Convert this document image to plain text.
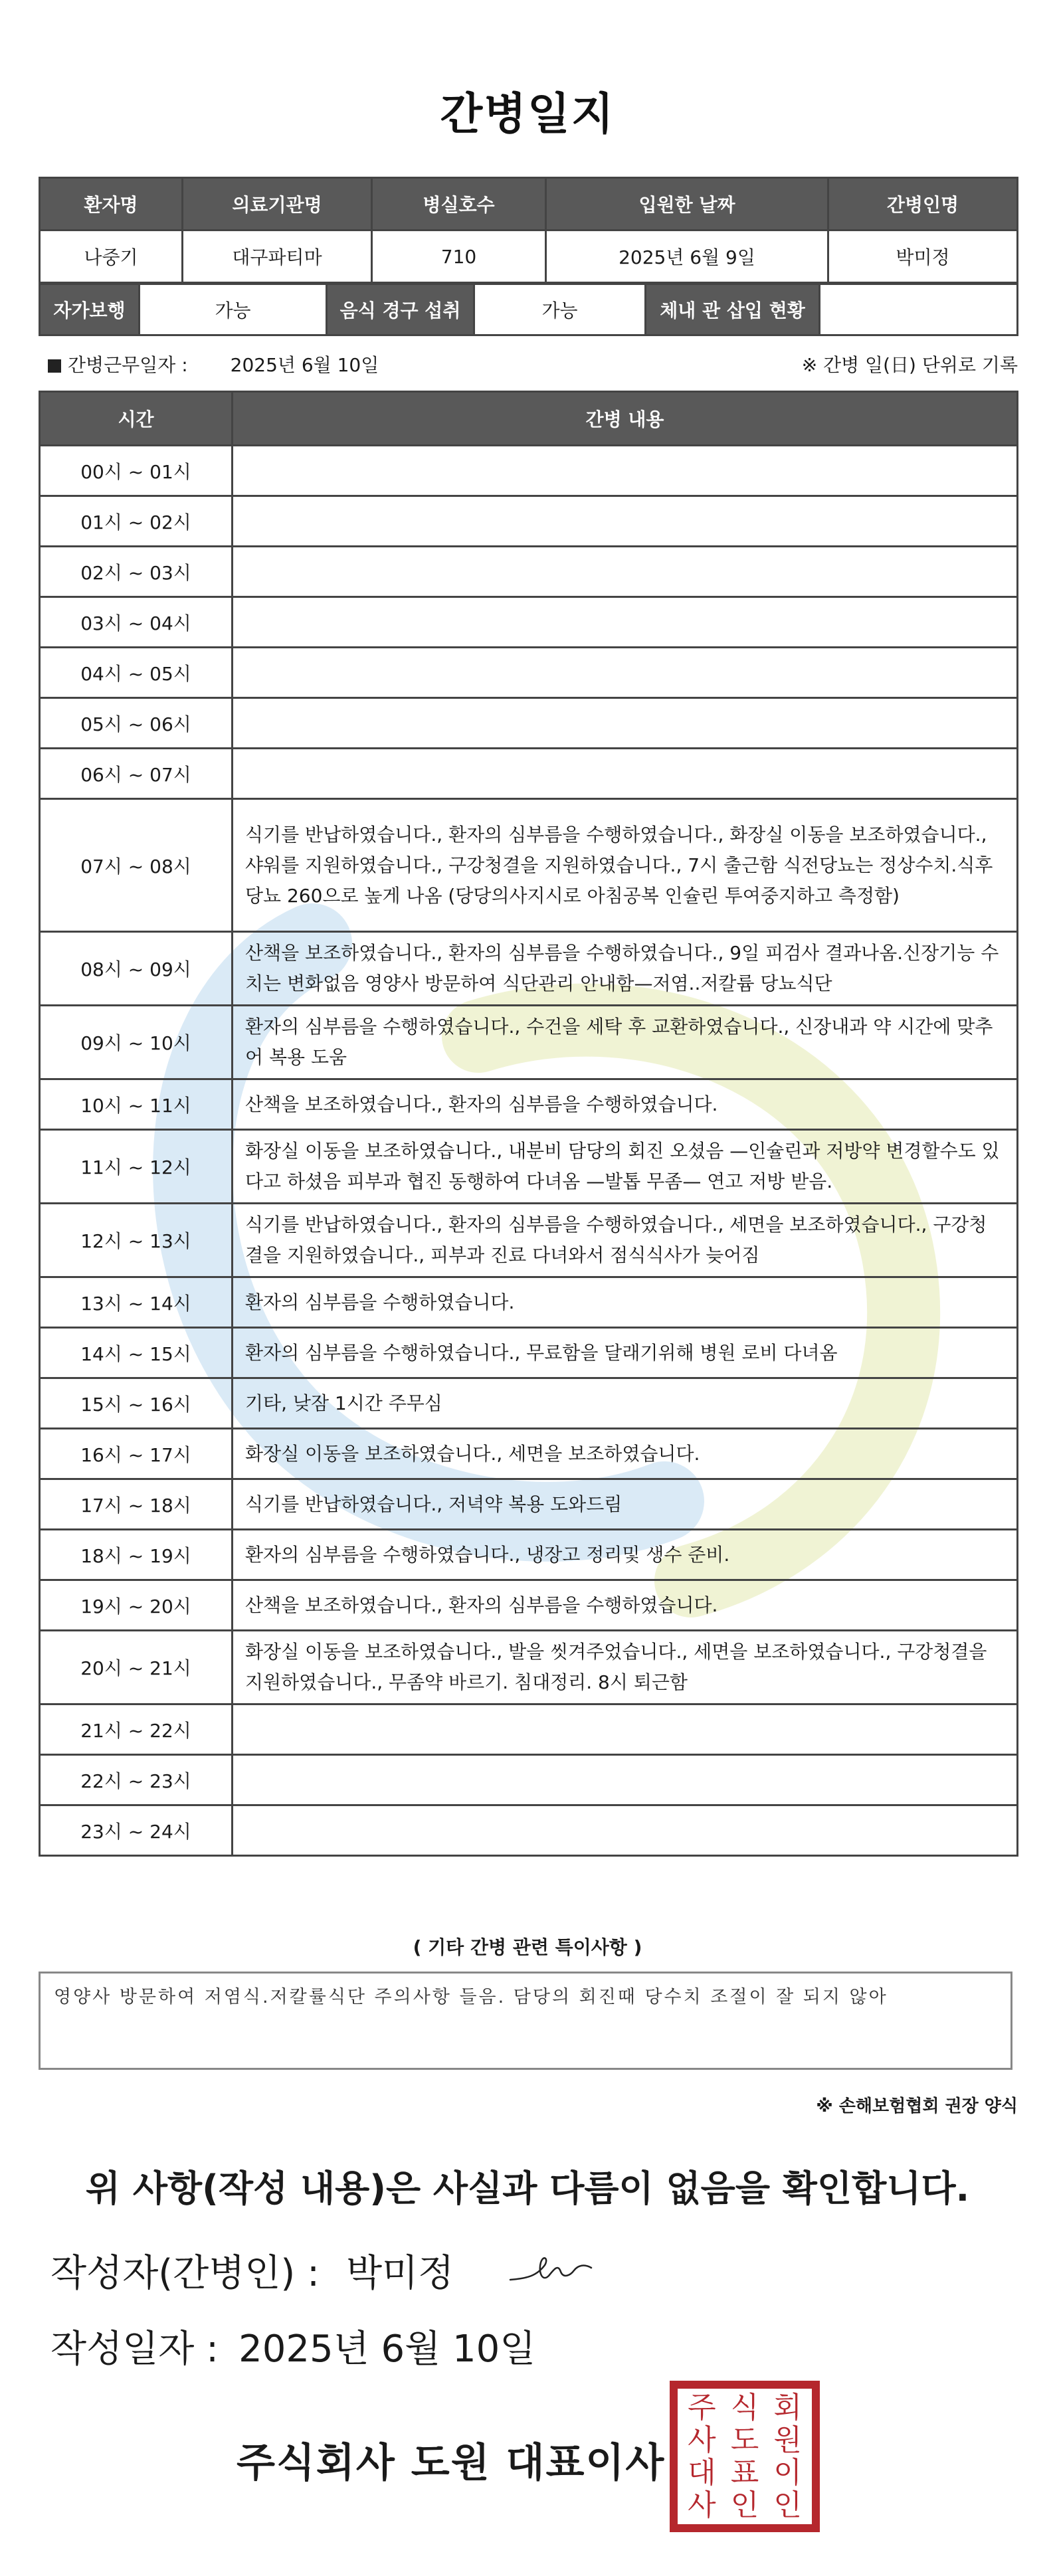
간병일지
환자명	의료기관명	병실호수	입원한 날짜	간병인명
나중기	대구파티마	710	2025년 6월 9일	박미정
자가보행	가능	음식 경구 섭취	가능	체내 관 삽입 현황	
간병근무일자 : 2025년 6월 10일	※ 간병 일(日) 단위로 기록
시간	간병 내용
00시 ~ 01시	
01시 ~ 02시	
02시 ~ 03시	
03시 ~ 04시	
04시 ~ 05시	
05시 ~ 06시	
06시 ~ 07시	
07시 ~ 08시	식기를 반납하였습니다., 환자의 심부름을 수행하였습니다., 화장실 이동을 보조하였습니다., 샤워를 지원하였습니다., 구강청결을 지원하였습니다., 7시 출근함 식전당뇨는 정상수치.식후당뇨 260으로 높게 나옴 (당당의사지시로 아침공복 인슐린 투여중지하고 측정함)
08시 ~ 09시	산책을 보조하였습니다., 환자의 심부름을 수행하였습니다., 9일 피검사 결과나옴.신장기능 수치는 변화없음 영양사 방문하여 식단관리 안내함—저염..저칼륨 당뇨식단
09시 ~ 10시	환자의 심부름을 수행하였습니다., 수건을 세탁 후 교환하였습니다., 신장내과 약 시간에 맞추어 복용 도움
10시 ~ 11시	산책을 보조하였습니다., 환자의 심부름을 수행하였습니다.
11시 ~ 12시	화장실 이동을 보조하였습니다., 내분비 담당의 회진 오셨음 —인슐린과 저방약 변경할수도 있다고 하셨음 피부과 협진 동행하여 다녀옴 —발톱 무좀— 연고 저방 받음.
12시 ~ 13시	식기를 반납하였습니다., 환자의 심부름을 수행하였습니다., 세면을 보조하였습니다., 구강청결을 지원하였습니다., 피부과 진료 다녀와서 점식식사가 늦어짐
13시 ~ 14시	환자의 심부름을 수행하였습니다.
14시 ~ 15시	환자의 심부름을 수행하였습니다., 무료함을 달래기위해 병원 로비 다녀옴
15시 ~ 16시	기타, 낮잠 1시간 주무심
16시 ~ 17시	화장실 이동을 보조하였습니다., 세면을 보조하였습니다.
17시 ~ 18시	식기를 반납하였습니다., 저녁약 복용 도와드림
18시 ~ 19시	환자의 심부름을 수행하였습니다., 냉장고 정리및 생수 준비.
19시 ~ 20시	산책을 보조하였습니다., 환자의 심부름을 수행하였습니다.
20시 ~ 21시	화장실 이동을 보조하였습니다., 발을 씻겨주었습니다., 세면을 보조하였습니다., 구강청결을 지원하였습니다., 무좀약 바르기. 침대정리. 8시 퇴근함
21시 ~ 22시	
22시 ~ 23시	
23시 ~ 24시	
( 기타 간병 관련 특이사항 )
영양사 방문하여 저염식.저칼률식단 주의사항 들음. 담당의 회진때 당수치 조절이 잘 되지 않아
※ 손해보험협회 권장 양식
위 사항(작성 내용)은 사실과 다름이 없음을 확인합니다.
작성자(간병인) : 박미정
작성일자 : 2025년 6월 10일
주식회사 도원 대표이사
주 식 회
사 도 원
대 표 이
사 인 인
